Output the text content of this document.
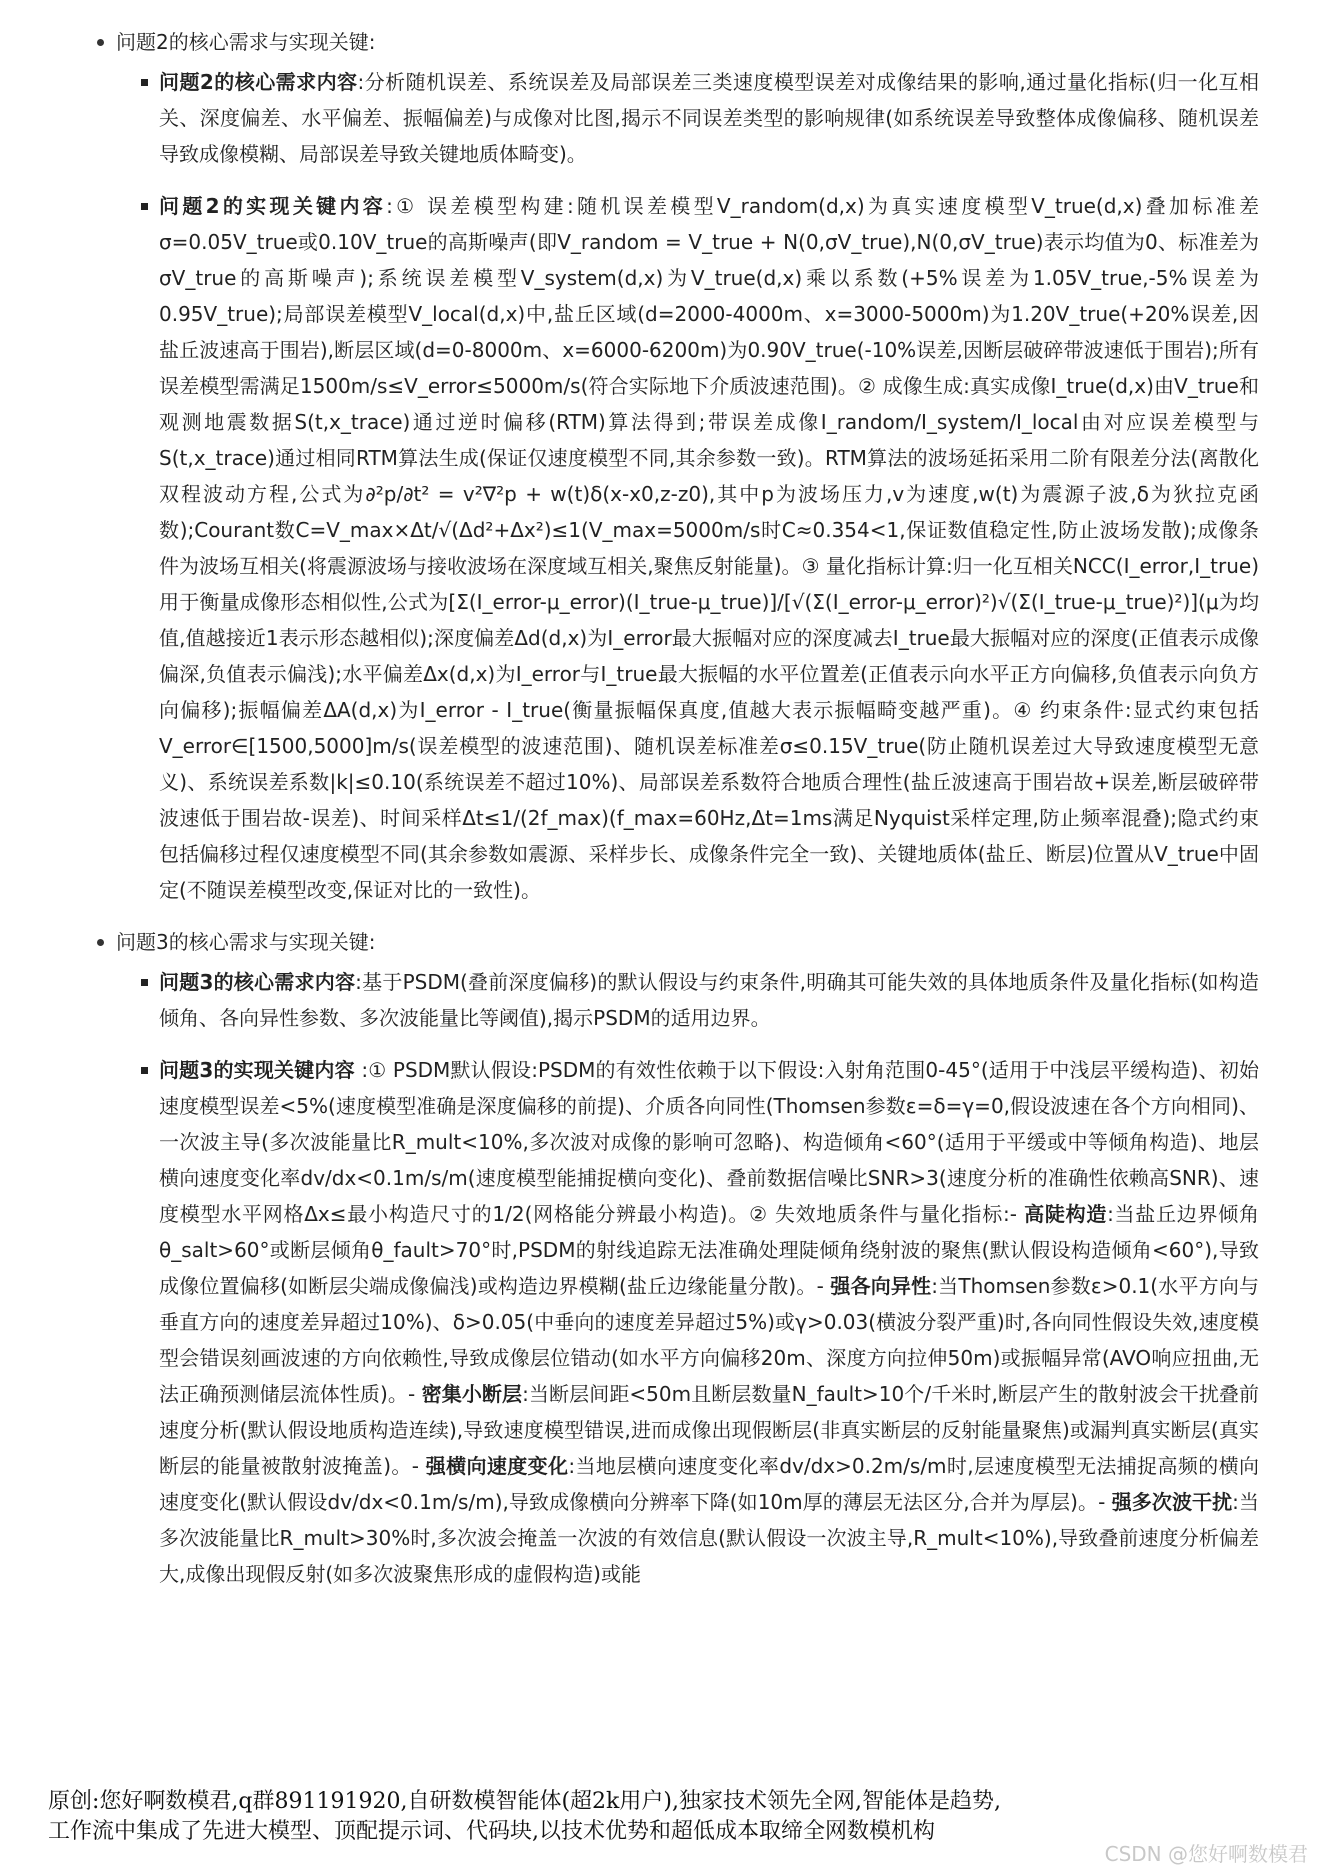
问题2的核心需求与实现关键:

问题2的核心需求内容:分析随机误差、系统误差及局部误差三类速度模型误差对成像结果的影响,通过量化指标(归一化互相关、深度偏差、水平偏差、振幅偏差)与成像对比图,揭示不同误差类型的影响规律(如系统误差导致整体成像偏移、随机误差导致成像模糊、局部误差导致关键地质体畸变)。

问题2的实现关键内容:① 误差模型构建:随机误差模型V_random(d,x)为真实速度模型V_true(d,x)叠加标准差σ=0.05V_true或0.10V_true的高斯噪声(即V_random = V_true + N(0,σV_true),N(0,σV_true)表示均值为0、标准差为σV_true的高斯噪声);系统误差模型V_system(d,x)为V_true(d,x)乘以系数(+5%误差为1.05V_true,-5%误差为0.95V_true);局部误差模型V_local(d,x)中,盐丘区域(d=2000-4000m、x=3000-5000m)为1.20V_true(+20%误差,因盐丘波速高于围岩),断层区域(d=0-8000m、x=6000-6200m)为0.90V_true(-10%误差,因断层破碎带波速低于围岩);所有误差模型需满足1500m/s≤V_error≤5000m/s(符合实际地下介质波速范围)。② 成像生成:真实成像I_true(d,x)由V_true和观测地震数据S(t,x_trace)通过逆时偏移(RTM)算法得到;带误差成像I_random/I_system/I_local由对应误差模型与S(t,x_trace)通过相同RTM算法生成(保证仅速度模型不同,其余参数一致)。RTM算法的波场延拓采用二阶有限差分法(离散化双程波动方程,公式为∂²p/∂t² = v²∇²p + w(t)δ(x-x0,z-z0),其中p为波场压力,v为速度,w(t)为震源子波,δ为狄拉克函数);Courant数C=V_max×Δt/√(Δd²+Δx²)≤1(V_max=5000m/s时C≈0.354<1,保证数值稳定性,防止波场发散);成像条件为波场互相关(将震源波场与接收波场在深度域互相关,聚焦反射能量)。③ 量化指标计算:归一化互相关NCC(I_error,I_true) 用于衡量成像形态相似性,公式为[Σ(I_error-μ_error)(I_true-μ_true)]/[√(Σ(I_error-μ_error)²)√(Σ(I_true-μ_true)²)](μ为均值,值越接近1表示形态越相似);深度偏差Δd(d,x)为I_error最大振幅对应的深度减去I_true最大振幅对应的深度(正值表示成像偏深,负值表示偏浅);水平偏差Δx(d,x)为I_error与I_true最大振幅的水平位置差(正值表示向水平正方向偏移,负值表示向负方向偏移);振幅偏差ΔA(d,x)为I_error - I_true(衡量振幅保真度,值越大表示振幅畸变越严重)。④ 约束条件:显式约束包括V_error∈[1500,5000]m/s(误差模型的波速范围)、随机误差标准差σ≤0.15V_true(防止随机误差过大导致速度模型无意义)、系统误差系数|k|≤0.10(系统误差不超过10%)、局部误差系数符合地质合理性(盐丘波速高于围岩故+误差,断层破碎带波速低于围岩故-误差)、时间采样Δt≤1/(2f_max)(f_max=60Hz,Δt=1ms满足Nyquist采样定理,防止频率混叠);隐式约束包括偏移过程仅速度模型不同(其余参数如震源、采样步长、成像条件完全一致)、关键地质体(盐丘、断层)位置从V_true中固定(不随误差模型改变,保证对比的一致性)。

问题3的核心需求与实现关键:

问题3的核心需求内容:基于PSDM(叠前深度偏移)的默认假设与约束条件,明确其可能失效的具体地质条件及量化指标(如构造倾角、各向异性参数、多次波能量比等阈值),揭示PSDM的适用边界。

问题3的实现关键内容 :① PSDM默认假设:PSDM的有效性依赖于以下假设:入射角范围0-45°(适用于中浅层平缓构造)、初始速度模型误差<5%(速度模型准确是深度偏移的前提)、介质各向同性(Thomsen参数ε=δ=γ=0,假设波速在各个方向相同)、一次波主导(多次波能量比R_mult<10%,多次波对成像的影响可忽略)、构造倾角<60°(适用于平缓或中等倾角构造)、地层横向速度变化率dv/dx<0.1m/s/m(速度模型能捕捉横向变化)、叠前数据信噪比SNR>3(速度分析的准确性依赖高SNR)、速度模型水平网格Δx≤最小构造尺寸的1/2(网格能分辨最小构造)。② 失效地质条件与量化指标:- 高陡构造:当盐丘边界倾角θ_salt>60°或断层倾角θ_fault>70°时,PSDM的射线追踪无法准确处理陡倾角绕射波的聚焦(默认假设构造倾角<60°),导致成像位置偏移(如断层尖端成像偏浅)或构造边界模糊(盐丘边缘能量分散)。- 强各向异性:当Thomsen参数ε>0.1(水平方向与垂直方向的速度差异超过10%)、δ>0.05(中垂向的速度差异超过5%)或γ>0.03(横波分裂严重)时,各向同性假设失效,速度模型会错误刻画波速的方向依赖性,导致成像层位错动(如水平方向偏移20m、深度方向拉伸50m)或振幅异常(AVO响应扭曲,无法正确预测储层流体性质)。- 密集小断层:当断层间距<50m且断层数量N_fault>10个/千米时,断层产生的散射波会干扰叠前速度分析(默认假设地质构造连续),导致速度模型错误,进而成像出现假断层(非真实断层的反射能量聚焦)或漏判真实断层(真实断层的能量被散射波掩盖)。- 强横向速度变化:当地层横向速度变化率dv/dx>0.2m/s/m时,层速度模型无法捕捉高频的横向速度变化(默认假设dv/dx<0.1m/s/m),导致成像横向分辨率下降(如10m厚的薄层无法区分,合并为厚层)。- 强多次波干扰:当多次波能量比R_mult>30%时,多次波会掩盖一次波的有效信息(默认假设一次波主导,R_mult<10%),导致叠前速度分析偏差大,成像出现假反射(如多次波聚焦形成的虚假构造)或能

原创:您好啊数模君,q群891191920,自研数模智能体(超2k用户),独家技术领先全网,智能体是趋势,
工作流中集成了先进大模型、顶配提示词、代码块,以技术优势和超低成本取缔全网数模机构
CSDN @您好啊数模君
